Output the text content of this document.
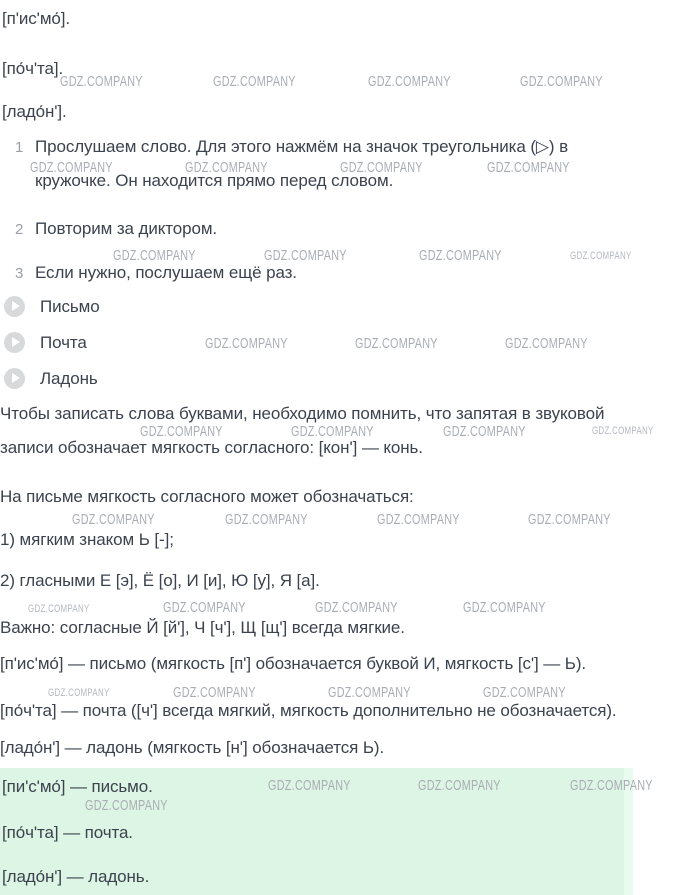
[п'ис'мо́].
[по́ч'та].
[ладо́н'].
1 Прослушаем слово. Для этого нажмём на значок треугольника (▷) в
кружочке. Он находится прямо перед словом.
2 Повторим за диктором.
3 Если нужно, послушаем ещё раз.
Письмо
Почта
Ладонь
Чтобы записать слова буквами, необходимо помнить, что запятая в звуковой
записи обозначает мягкость согласного: [кон'] — конь.
На письме мягкость согласного может обозначаться:
1) мягким знаком Ь [-];
2) гласными Е [э], Ё [о], И [и], Ю [у], Я [а].
Важно: согласные Й [й'], Ч [ч'], Щ [щ'] всегда мягкие.
[п'ис'мо́] — письмо (мягкость [п'] обозначается буквой И, мягкость [с'] — Ь).
[по́ч'та] — почта ([ч'] всегда мягкий, мягкость дополнительно не обозначается).
[ладо́н'] — ладонь (мягкость [н'] обозначается Ь).
[пи'с'мо́] — письмо.
[по́ч'та] — почта.
[ладо́н'] — ладонь.
GDZ.COMPANY	GDZ.COMPANY	GDZ.COMPANY	GDZ.COMPANY
GDZ.COMPANY	GDZ.COMPANY	GDZ.COMPANY	GDZ.COMPANY
GDZ.COMPANY	GDZ.COMPANY	GDZ.COMPANY	GDZ.COMPANY
GDZ.COMPANY	GDZ.COMPANY	GDZ.COMPANY
GDZ.COMPANY	GDZ.COMPANY	GDZ.COMPANY	GDZ.COMPANY
GDZ.COMPANY	GDZ.COMPANY	GDZ.COMPANY	GDZ.COMPANY
GDZ.COMPANY	GDZ.COMPANY	GDZ.COMPANY	GDZ.COMPANY
GDZ.COMPANY	GDZ.COMPANY	GDZ.COMPANY	GDZ.COMPANY
GDZ.COMPANY	GDZ.COMPANY	GDZ.COMPANY
GDZ.COMPANY
